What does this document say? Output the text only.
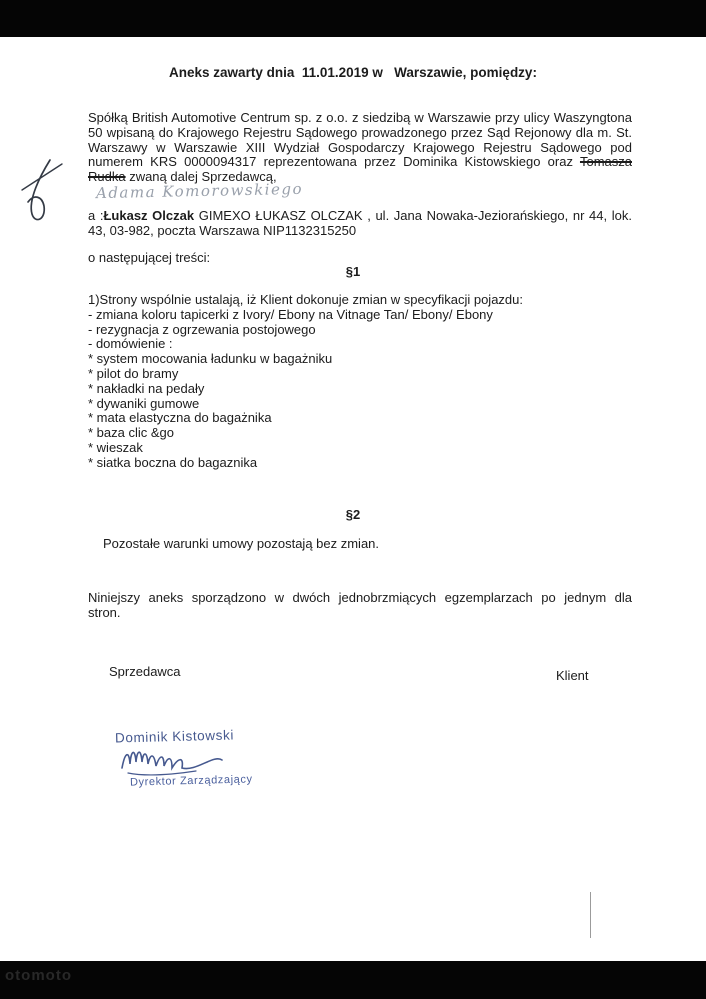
Aneks zawarty dnia  11.01.2019 w   Warszawie, pomiędzy:

Spółką British Automotive Centrum sp. z o.o. z siedzibą w Warszawie przy ulicy Waszyngtona 50 wpisaną do Krajowego Rejestru Sądowego prowadzonego przez Sąd Rejonowy dla m. St. Warszawy w Warszawie XIII Wydział Gospodarczy Krajowego Rejestru Sądowego pod numerem KRS 0000094317 reprezentowana przez Dominika Kistowskiego oraz Tomasza Rudka zwaną dalej Sprzedawcą,

Adama Komorowskiego

a :Łukasz Olczak GIMEXO ŁUKASZ OLCZAK , ul. Jana Nowaka-Jeziorańskiego, nr 44, lok. 43, 03-982, poczta Warszawa NIP1132315250

o następującej treści:
§1
1)Strony wspólnie ustalają, iż Klient dokonuje zmian w specyfikacji pojazdu:
- zmiana koloru tapicerki z Ivory/ Ebony na Vitnage Tan/ Ebony/ Ebony
- rezygnacja z ogrzewania postojowego
- domówienie :
* system mocowania ładunku w bagażniku
* pilot do bramy
* nakładki na pedały
* dywaniki gumowe
* mata elastyczna do bagażnika
* baza clic &go
* wieszak
* siatka boczna do bagaznika
§2
Pozostałe warunki umowy pozostają bez zmian.

Niniejszy aneks sporządzono w dwóch jednobrzmiących egzemplarzach po jednym dla stron.

Sprzedawca	Klient
Dominik Kistowski
Dyrektor Zarządzający
otomoto
